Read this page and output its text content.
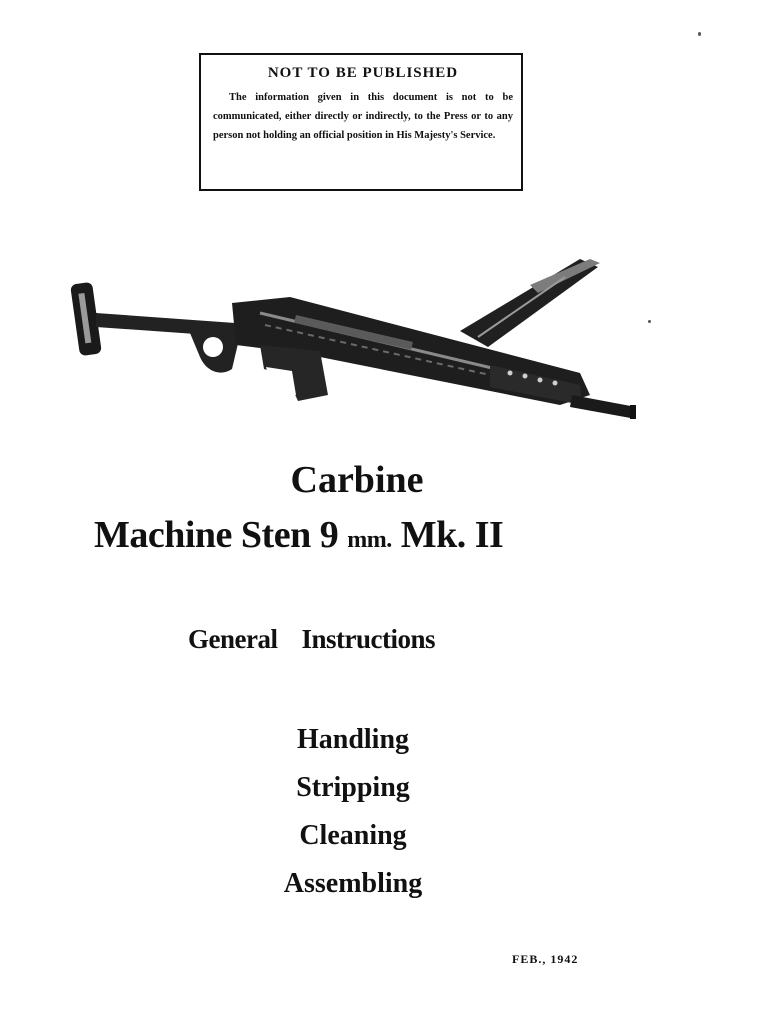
NOT TO BE PUBLISHED

The information given in this document is not to be communicated, either directly or indirectly, to the Press or to any person not holding an official position in His Majesty's Service.

Carbine

Machine Sten 9 mm. Mk. II

General Instructions

Handling
Stripping
Cleaning
Assembling

FEB., 1942
